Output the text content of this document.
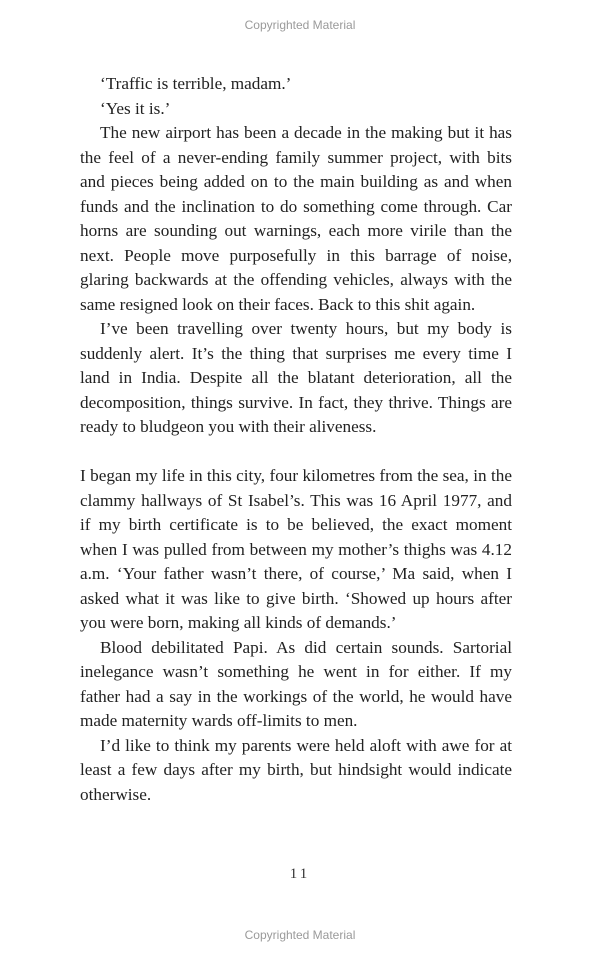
Copyrighted Material

‘Traffic is terrible, madam.’

‘Yes it is.’

The new airport has been a decade in the making but it has the feel of a never-ending family summer project, with bits and pieces being added on to the main building as and when funds and the inclination to do something come through. Car horns are sounding out warnings, each more virile than the next. People move purposefully in this barrage of noise, glaring backwards at the offending vehicles, always with the same resigned look on their faces. Back to this shit again.

I’ve been travelling over twenty hours, but my body is suddenly alert. It’s the thing that surprises me every time I land in India. Despite all the blatant deterioration, all the decomposition, things survive. In fact, they thrive. Things are ready to bludgeon you with their aliveness.

I began my life in this city, four kilometres from the sea, in the clammy hallways of St Isabel’s. This was 16 April 1977, and if my birth certificate is to be believed, the exact moment when I was pulled from between my mother’s thighs was 4.12 a.m. ‘Your father wasn’t there, of course,’ Ma said, when I asked what it was like to give birth. ‘Showed up hours after you were born, making all kinds of demands.’

Blood debilitated Papi. As did certain sounds. Sartorial inelegance wasn’t something he went in for either. If my father had a say in the workings of the world, he would have made maternity wards off-limits to men.

I’d like to think my parents were held aloft with awe for at least a few days after my birth, but hindsight would indicate otherwise.

11
Copyrighted Material
